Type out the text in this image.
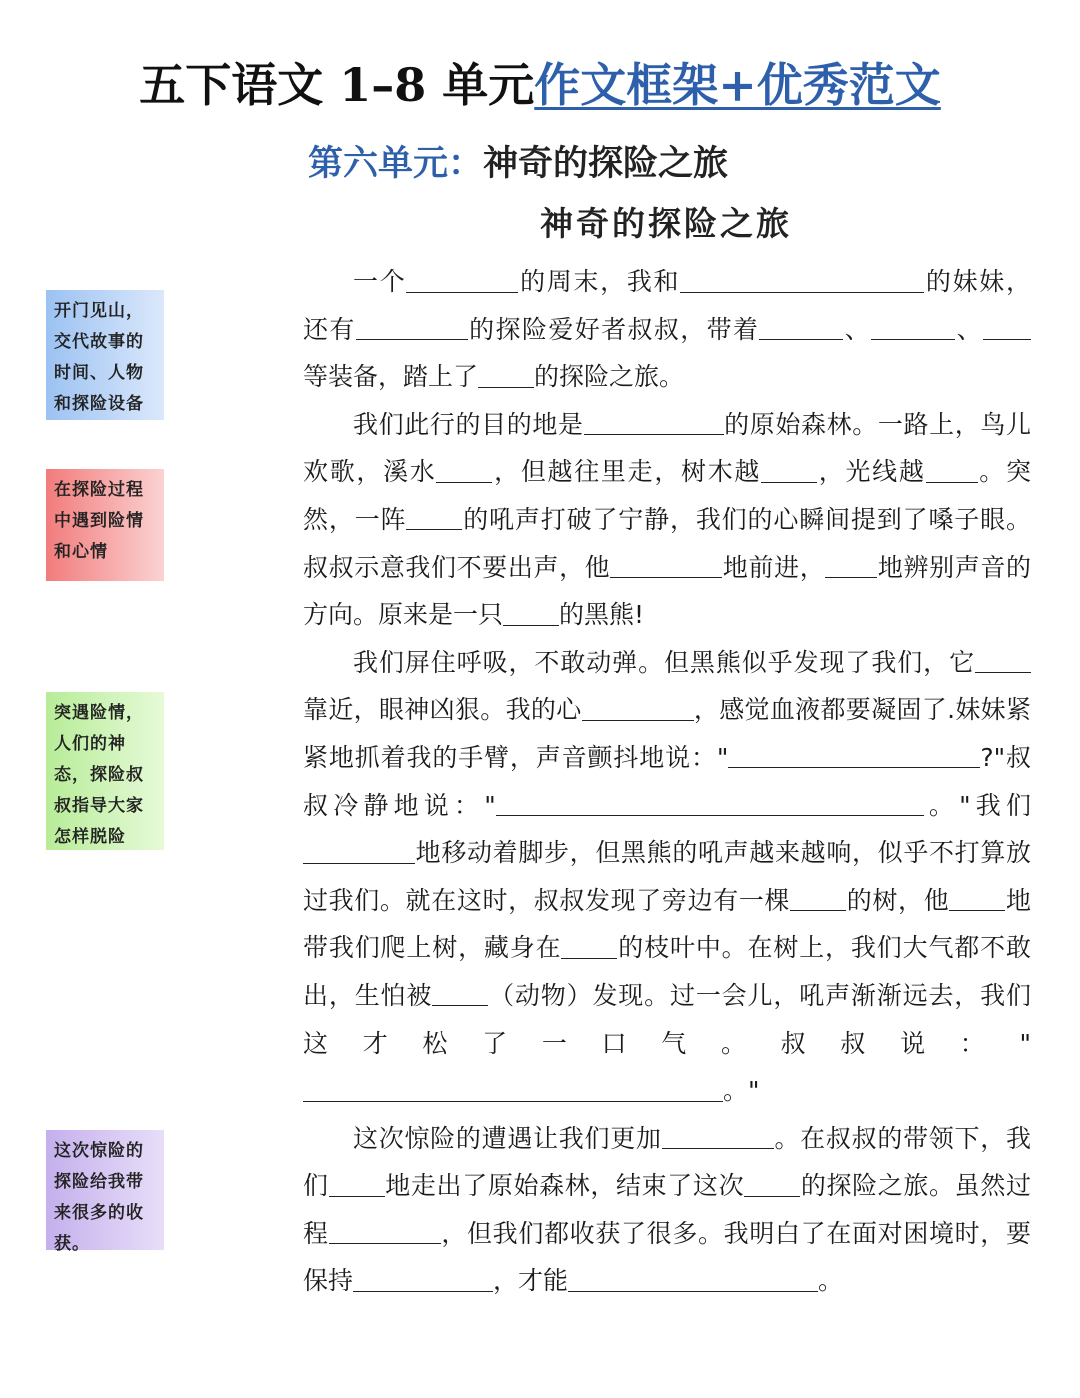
五下语文 1–8 单元作文框架+优秀范文
第六单元：神奇的探险之旅
神奇的探险之旅

一个	的周末，我和	的妹妹，还有	的探险爱好者叔叔，带着	、	、等装备，踏上了 的探险之旅。

我们此行的目的地是	的原始森林。一路上，鸟儿欢歌，溪水 ，但越往里走，树木越 ，光线越 。突然，一阵 的吼声打破了宁静，我们的心瞬间提到了嗓子眼。叔叔示意我们不要出声，他	地前进， 地辨别声音的方向。原来是一只 的黑熊!

我们屏住呼吸，不敢动弹。但黑熊似乎发现了我们，它靠近，眼神凶狠。我的心	，感觉血液都要凝固了.妹妹紧紧地抓着我的手臂，声音颤抖地说："	?"叔叔冷静地说："	。"我们地移动着脚步，但黑熊的吼声越来越响，似乎不打算放过我们。就在这时，叔叔发现了旁边有一棵 的树，他 地带我们爬上树，藏身在 的枝叶中。在树上，我们大气都不敢出，生怕被 （动物）发现。过一会儿，吼声渐渐远去，我们这才松了一口气。叔叔说："。"

这次惊险的遭遇让我们更加	。在叔叔的带领下，我们 地走出了原始森林，结束了这次 的探险之旅。虽然过程	，但我们都收获了很多。我明白了在面对困境时，要保持	，才能	。

开门见山，交代故事的时间、人物和探险设备
在探险过程中遇到险情和心情
突遇险情，人们的神态，探险叔叔指导大家怎样脱险
这次惊险的探险给我带来很多的收获。
